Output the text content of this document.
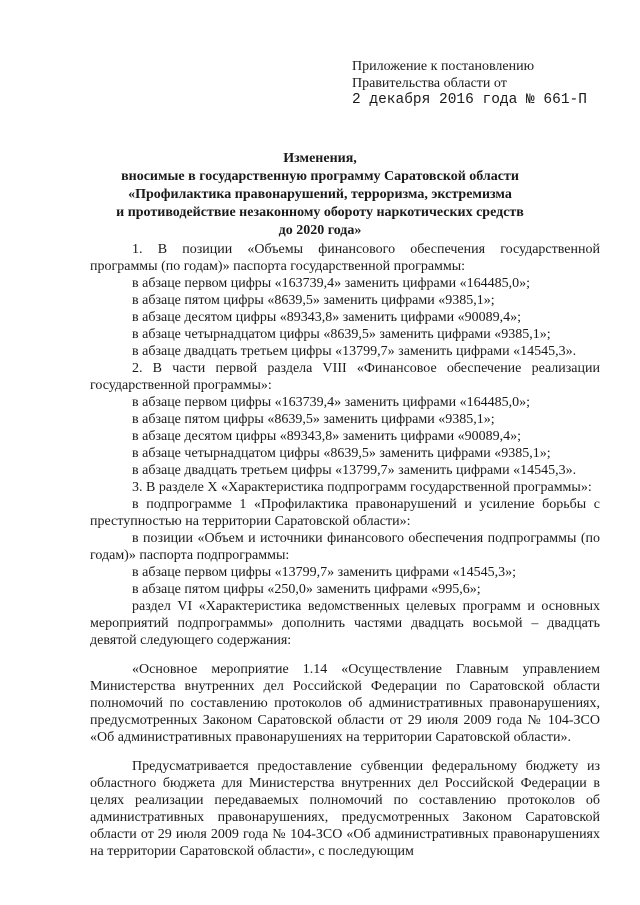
Приложение к постановлению
Правительства области от
2 декабря 2016 года № 661-П
Изменения,
вносимые в государственную программу Саратовской области
«Профилактика правонарушений, терроризма, экстремизма
и противодействие незаконному обороту наркотических средств
до 2020 года»

1. В позиции «Объемы финансового обеспечения государственной программы (по годам)» паспорта государственной программы:

в абзаце первом цифры «163739,4» заменить цифрами «164485,0»;

в абзаце пятом цифры «8639,5» заменить цифрами «9385,1»;

в абзаце десятом цифры «89343,8» заменить цифрами «90089,4»;

в абзаце четырнадцатом цифры «8639,5» заменить цифрами «9385,1»;

в абзаце двадцать третьем цифры «13799,7» заменить цифрами «14545,3».

2. В части первой раздела VIII «Финансовое обеспечение реализации государственной программы»:

в абзаце первом цифры «163739,4» заменить цифрами «164485,0»;

в абзаце пятом цифры «8639,5» заменить цифрами «9385,1»;

в абзаце десятом цифры «89343,8» заменить цифрами «90089,4»;

в абзаце четырнадцатом цифры «8639,5» заменить цифрами «9385,1»;

в абзаце двадцать третьем цифры «13799,7» заменить цифрами «14545,3».

3. В разделе X «Характеристика подпрограмм государственной программы»:

в подпрограмме 1 «Профилактика правонарушений и усиление борьбы с преступностью на территории Саратовской области»:

в позиции «Объем и источники финансового обеспечения подпрограммы (по годам)» паспорта подпрограммы:

в абзаце первом цифры «13799,7» заменить цифрами «14545,3»;

в абзаце пятом цифры «250,0» заменить цифрами «995,6»;

раздел VI «Характеристика ведомственных целевых программ и основных мероприятий подпрограммы» дополнить частями двадцать восьмой – двадцать девятой следующего содержания:

«Основное мероприятие 1.14 «Осуществление Главным управлением Министерства внутренних дел Российской Федерации по Саратовской области полномочий по составлению протоколов об административных правонарушениях, предусмотренных Законом Саратовской области от 29 июля 2009 года № 104-ЗСО «Об административных правонарушениях на территории Саратовской области».

Предусматривается предоставление субвенции федеральному бюджету из областного бюджета для Министерства внутренних дел Российской Федерации в целях реализации передаваемых полномочий по составлению протоколов об административных правонарушениях, предусмотренных Законом Саратовской области от 29 июля 2009 года № 104-ЗСО «Об административных правонарушениях на территории Саратовской области», с последующим
